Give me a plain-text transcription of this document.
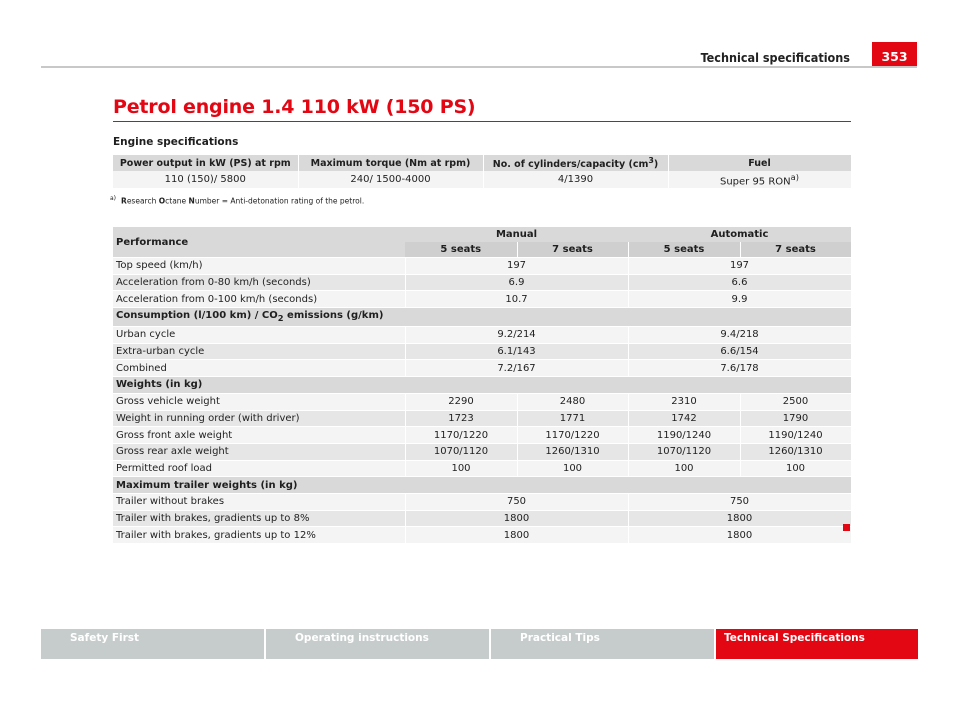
Technical specifications	353
Petrol engine 1.4 110 kW (150 PS)
Engine specifications
Power output in kW (PS) at rpm	Maximum torque (Nm at rpm)	No. of cylinders/capacity $(cm^3)$	Fuel
110 (150)/ 5800	240/ 1500-4000	4/1390	Super 95 RON$^{a)}$
$^{a)}$ Research Octane Number = Anti-detonation rating of the petrol.
Performance	Manual		Automatic	
	5 seats	7 seats	5 seats	7 seats
Top speed (km/h)	197		197	
Acceleration from 0-80 km/h (seconds)	6.9		6.6	
Acceleration from 0-100 km/h (seconds)	10.7		9.9	
Consumption (l/100 $km) / CO_2$ emissions (g/km)				
Urban cycle	9.2/214		9.4/218	
Extra-urban cycle	6.1/143		6.6/154	
Combined	7.2/167		7.6/178	
Weights (in kg)				
Gross vehicle weight	2290	2480	2310	2500
Weight in running order (with driver)	1723	1771	1742	1790
Gross front axle weight	1170/1220	1170/1220	1190/1240	1190/1240
Gross rear axle weight	1070/1120	1260/1310	1070/1120	1260/1310
Permitted roof load	100	100	100	100
Maximum trailer weights (in kg)				
Trailer without brakes	750		750	
Trailer with brakes, gradients up to 8%	1800		1800	
Trailer with brakes, gradients up to 12%	1800		1800	
Safety First	Operating instructions	Practical Tips	Technical Specifications
